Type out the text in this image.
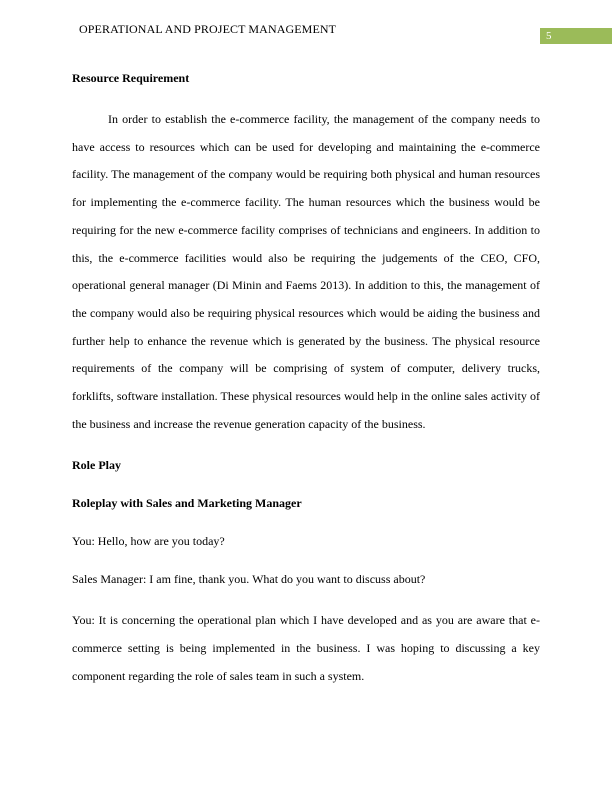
OPERATIONAL AND PROJECT MANAGEMENT	5
Resource Requirement

In order to establish the e-commerce facility, the management of the company needs to have access to resources which can be used for developing and maintaining the e-commerce facility. The management of the company would be requiring both physical and human resources for implementing the e-commerce facility. The human resources which the business would be requiring for the new e-commerce facility comprises of technicians and engineers. In addition to this, the e-commerce facilities would also be requiring the judgements of the CEO, CFO, operational general manager (Di Minin and Faems 2013). In addition to this, the management of the company would also be requiring physical resources which would be aiding the business and further help to enhance the revenue which is generated by the business. The physical resource requirements of the company will be comprising of system of computer, delivery trucks, forklifts, software installation. These physical resources would help in the online sales activity of the business and increase the revenue generation capacity of the business.

Role Play
Roleplay with Sales and Marketing Manager
You: Hello, how are you today?
Sales Manager: I am fine, thank you. What do you want to discuss about?

You: It is concerning the operational plan which I have developed and as you are aware that e-commerce setting is being implemented in the business. I was hoping to discussing a key component regarding the role of sales team in such a system.
